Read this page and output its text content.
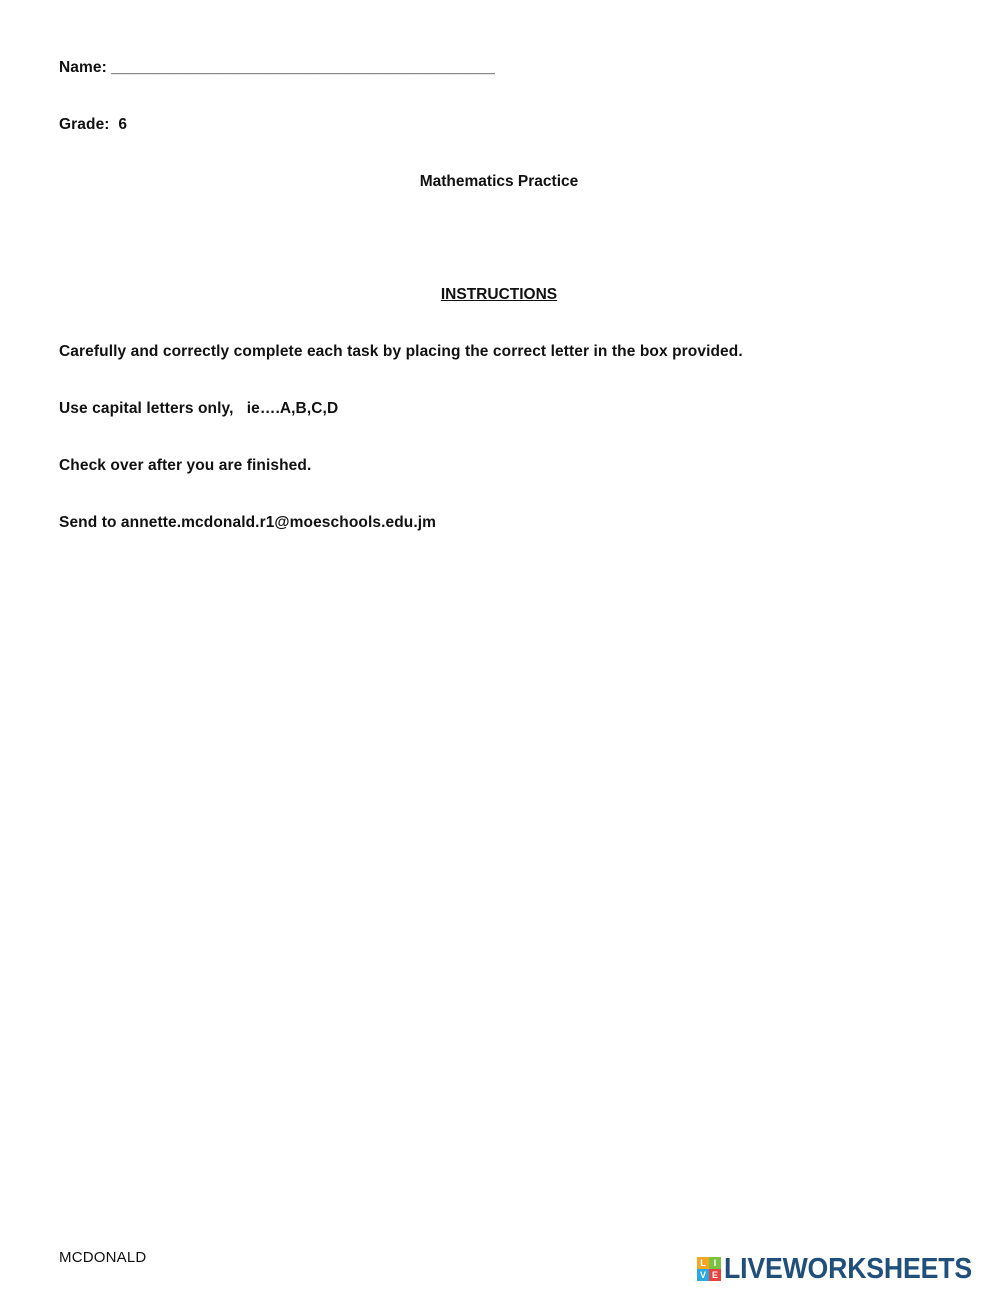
Name: ____________________________________________
Grade:  6
Mathematics Practice
INSTRUCTIONS
Carefully and correctly complete each task by placing the correct letter in the box provided.
Use capital letters only,   ie….A,B,C,D
Check over after you are finished.
Send to annette.mcdonald.r1@moeschools.edu.jm
MCDONALD	L I
V E LIVEWORKSHEETS
